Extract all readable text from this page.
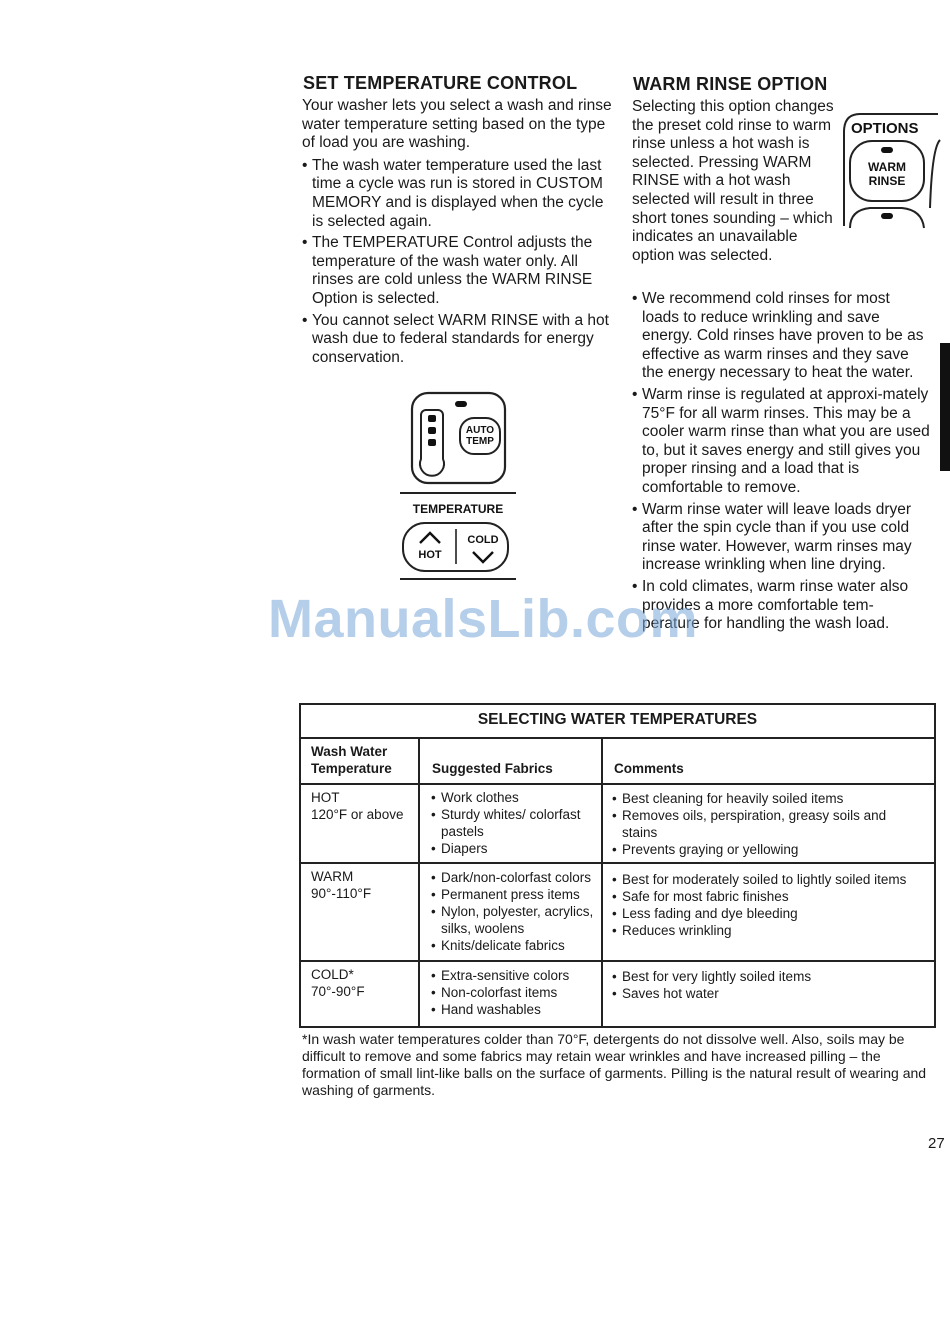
SET TEMPERATURE CONTROL
Your washer lets you select a wash and rinse water temperature setting based on the type of load you are washing.
• The wash water temperature used the last time a cycle was run is stored in CUSTOM MEMORY and is displayed when the cycle is selected again.
• The TEMPERATURE Control adjusts the temperature of the wash water only. All rinses are cold unless the WARM RINSE Option is selected.
• You cannot select WARM RINSE with a hot wash due to federal standards for energy conservation.
AUTO
TEMP
TEMPERATURE
HOT
COLD
WARM RINSE OPTION
Selecting this option changes the preset cold rinse to warm rinse unless a hot wash is selected. Pressing WARM RINSE with a hot wash selected will result in three short tones sounding – which indicates an unavailable option was selected.
OPTIONS
WARM
RINSE
• We recommend cold rinses for most loads to reduce wrinkling and save energy. Cold rinses have proven to be as effective as warm rinses and they save the energy necessary to heat the water.
• Warm rinse is regulated at approxi-mately 75°F for all warm rinses. This may be a cooler warm rinse than what you are used to, but it saves energy and still gives you proper rinsing and a load that is comfortable to remove.
• Warm rinse water will leave loads dryer after the spin cycle than if you use cold rinse water. However, warm rinses may increase wrinkling when line drying.
• In cold climates, warm rinse water also provides a more comfortable tem-perature for handling the wash load.
ManualsLib.com
SELECTING WATER TEMPERATURES
Wash Water
Temperature	Suggested Fabrics	Comments
HOT
120°F or above
• Work clothes
• Sturdy whites/ colorfast pastels
• Diapers
• Best cleaning for heavily soiled items
• Removes oils, perspiration, greasy soils and stains
• Prevents graying or yellowing
WARM
90°-110°F
• Dark/non-colorfast colors
• Permanent press items
• Nylon, polyester, acrylics, silks, woolens
• Knits/delicate fabrics
• Best for moderately soiled to lightly soiled items
• Safe for most fabric finishes
• Less fading and dye bleeding
• Reduces wrinkling
COLD*
70°-90°F
• Extra-sensitive colors
• Non-colorfast items
• Hand washables
• Best for very lightly soiled items
• Saves hot water
*In wash water temperatures colder than 70°F, detergents do not dissolve well. Also, soils may be difficult to remove and some fabrics may retain wear wrinkles and have increased pilling – the formation of small lint-like balls on the surface of garments. Pilling is the natural result of wearing and washing of garments.
27
